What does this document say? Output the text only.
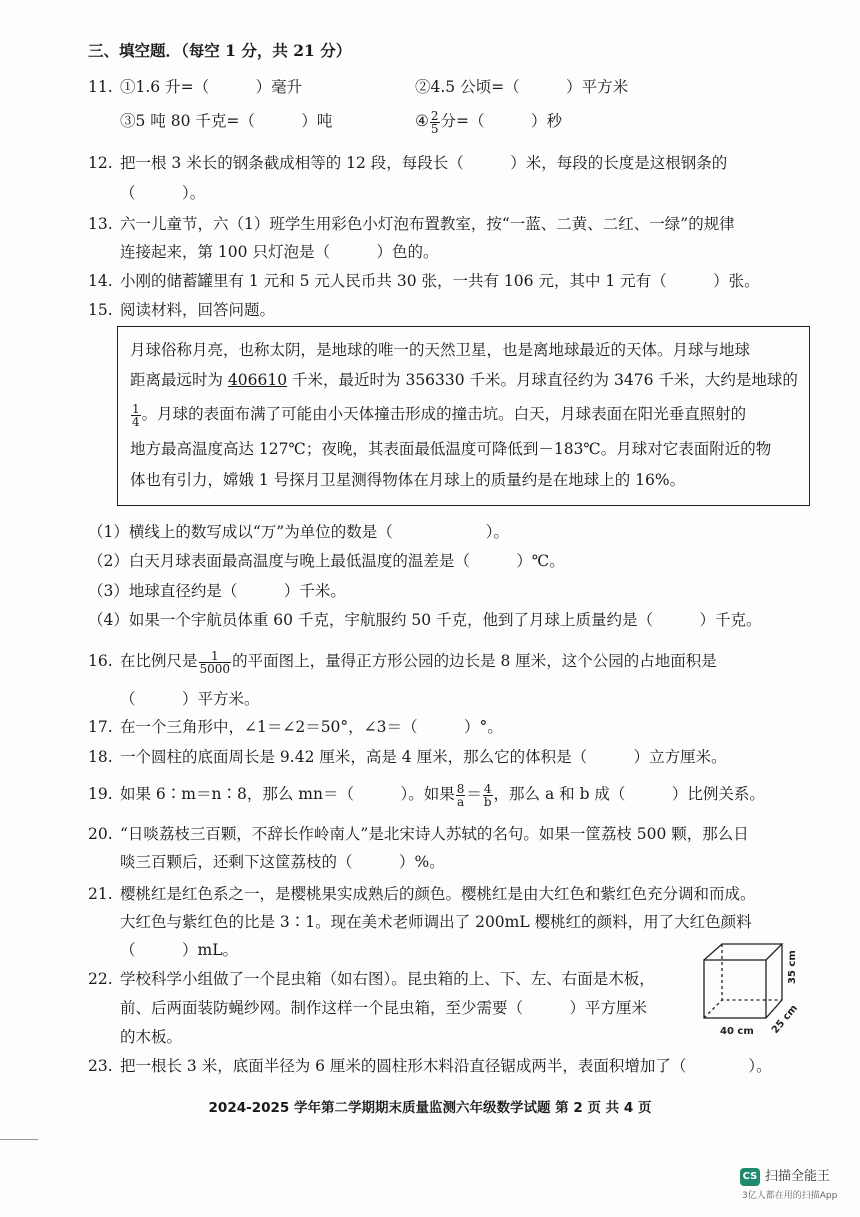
三、填空题．（每空 1 分，共 21 分）
11. ①1.6 升=（　　　）毫升	②4.5 公顷=（　　　）平方米
③5 吨 80 千克=（　　　）吨	④ $\frac{2}{5}$ 分=（　　　）秒
12. 把一根 3 米长的钢条截成相等的 12 段，每段长（　　　）米，每段的长度是这根钢条的
（　　　）。
13. 六一儿童节，六（1）班学生用彩色小灯泡布置教室，按“一蓝、二黄、二红、一绿”的规律
连接起来，第 100 只灯泡是（　　　）色的。
14. 小刚的储蓄罐里有 1 元和 5 元人民币共 30 张，一共有 106 元，其中 1 元有（　　　）张。
15. 阅读材料，回答问题。
月球俗称月亮，也称太阴，是地球的唯一的天然卫星，也是离地球最近的天体。月球与地球
距离最远时为 406610 千米，最近时为 356330 千米。月球直径约为 3476 千米，大约是地球的
$\frac{1}{4}$ 。月球的表面布满了可能由小天体撞击形成的撞击坑。白天，月球表面在阳光垂直照射的
地方最高温度高达 127℃；夜晚，其表面最低温度可降低到－183℃。月球对它表面附近的物
体也有引力，嫦娥 1 号探月卫星测得物体在月球上的质量约是在地球上的 16%。
（1）横线上的数写成以“万”为单位的数是（　　　　　　）。
（2）白天月球表面最高温度与晚上最低温度的温差是（　　　）℃。
（3）地球直径约是（　　　）千米。
（4）如果一个宇航员体重 60 千克，宇航服约 50 千克，他到了月球上质量约是（　　　）千克。
16. 在比例尺是 $\frac{1}{5000}$ 的平面图上，量得正方形公园的边长是 8 厘米，这个公园的占地面积是
（　　　）平方米。
17. 在一个三角形中，∠1＝∠2＝50°，∠3＝（　　　）°。
18. 一个圆柱的底面周长是 9.42 厘米，高是 4 厘米，那么它的体积是（　　　）立方厘米。
19. 如果 6∶m＝n∶8，那么 mn＝（　　　）。如果 $\frac{8}{a} = \frac{4}{b}$ ，那么 a 和 b 成（　　　）比例关系。
20. “日啖荔枝三百颗，不辞长作岭南人”是北宋诗人苏轼的名句。如果一筐荔枝 500 颗，那么日
啖三百颗后，还剩下这筐荔枝的（　　　）%。
21. 樱桃红是红色系之一，是樱桃果实成熟后的颜色。樱桃红是由大红色和紫红色充分调和而成。
大红色与紫红色的比是 3∶1。现在美术老师调出了 200mL 樱桃红的颜料，用了大红色颜料
（　　　）mL。
22. 学校科学小组做了一个昆虫箱（如右图）。昆虫箱的上、下、左、右面是木板，
前、后两面装防蝇纱网。制作这样一个昆虫箱，至少需要（　　　）平方厘米
的木板。	40 cm 25 cm
35 cm
23. 把一根长 3 米，底面半径为 6 厘米的圆柱形木料沿直径锯成两半，表面积增加了（　　　　）。
2024-2025 学年第二学期期末质量监测六年级数学试题 第 2 页 共 4 页
CS 扫描全能王
3亿人都在用的扫描App
